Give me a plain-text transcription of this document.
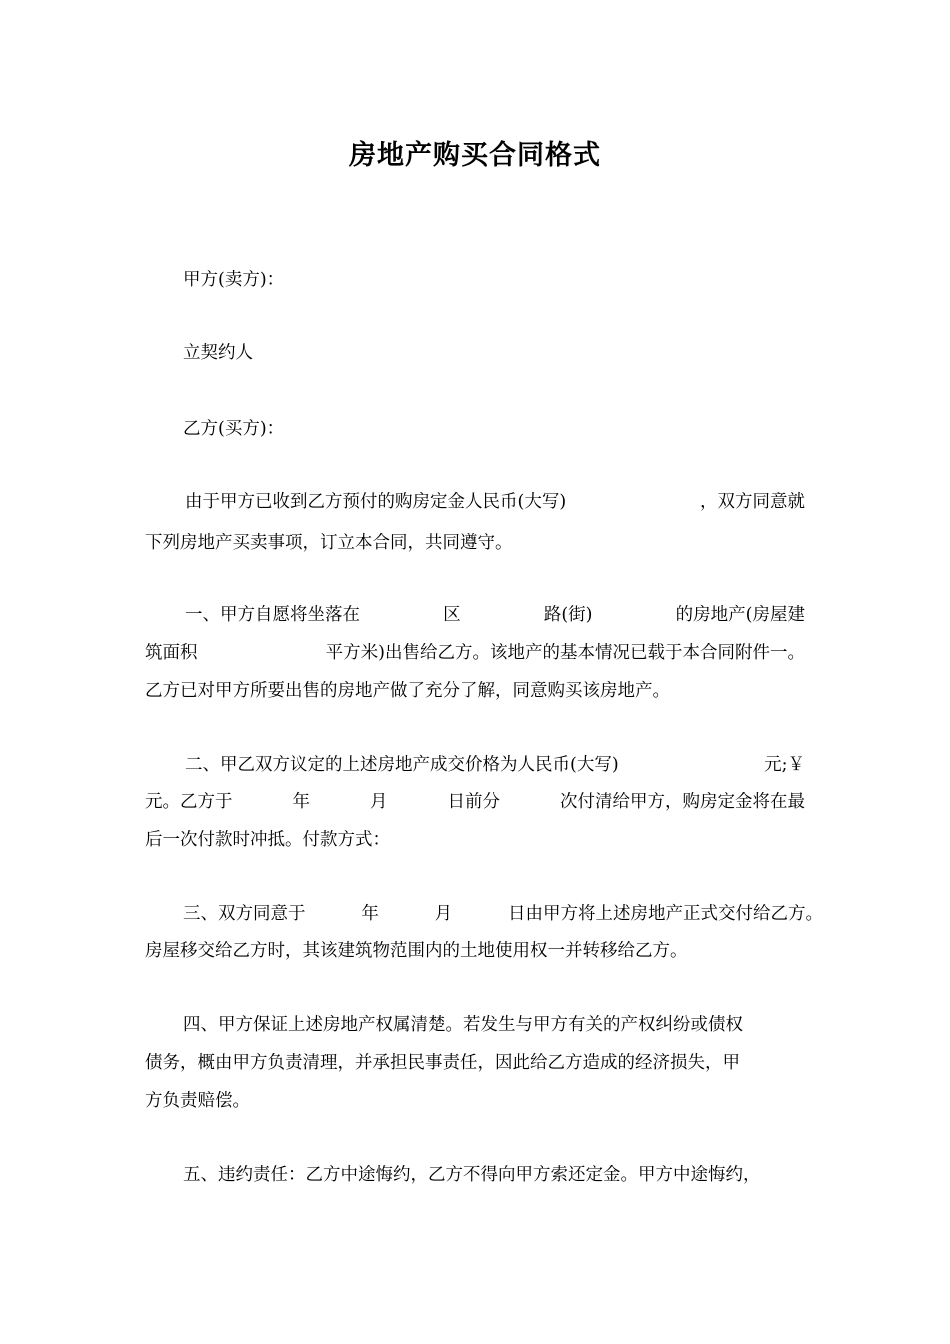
房地产购买合同格式
甲方(卖方)：
立契约人
乙方(买方)：
由于甲方已收到乙方预付的购房定金人民币(大写)	，双方同意就
下列房地产买卖事项，订立本合同，共同遵守。
一、甲方自愿将坐落在	区	路(街)	的房地产(房屋建
筑面积	平方米)出售给乙方。该地产的基本情况已载于本合同附件一。
乙方已对甲方所要出售的房地产做了充分了解，同意购买该房地产。
二、甲乙双方议定的上述房地产成交价格为人民币(大写)	元;￥
元。乙方于	年	月	日前分	次付清给甲方，购房定金将在最
后一次付款时冲抵。付款方式：
三、双方同意于	年	月	日由甲方将上述房地产正式交付给乙方。
房屋移交给乙方时，其该建筑物范围内的土地使用权一并转移给乙方。
四、甲方保证上述房地产权属清楚。若发生与甲方有关的产权纠纷或债权
债务，概由甲方负责清理，并承担民事责任，因此给乙方造成的经济损失，甲
方负责赔偿。
五、违约责任：乙方中途悔约，乙方不得向甲方索还定金。甲方中途悔约，
